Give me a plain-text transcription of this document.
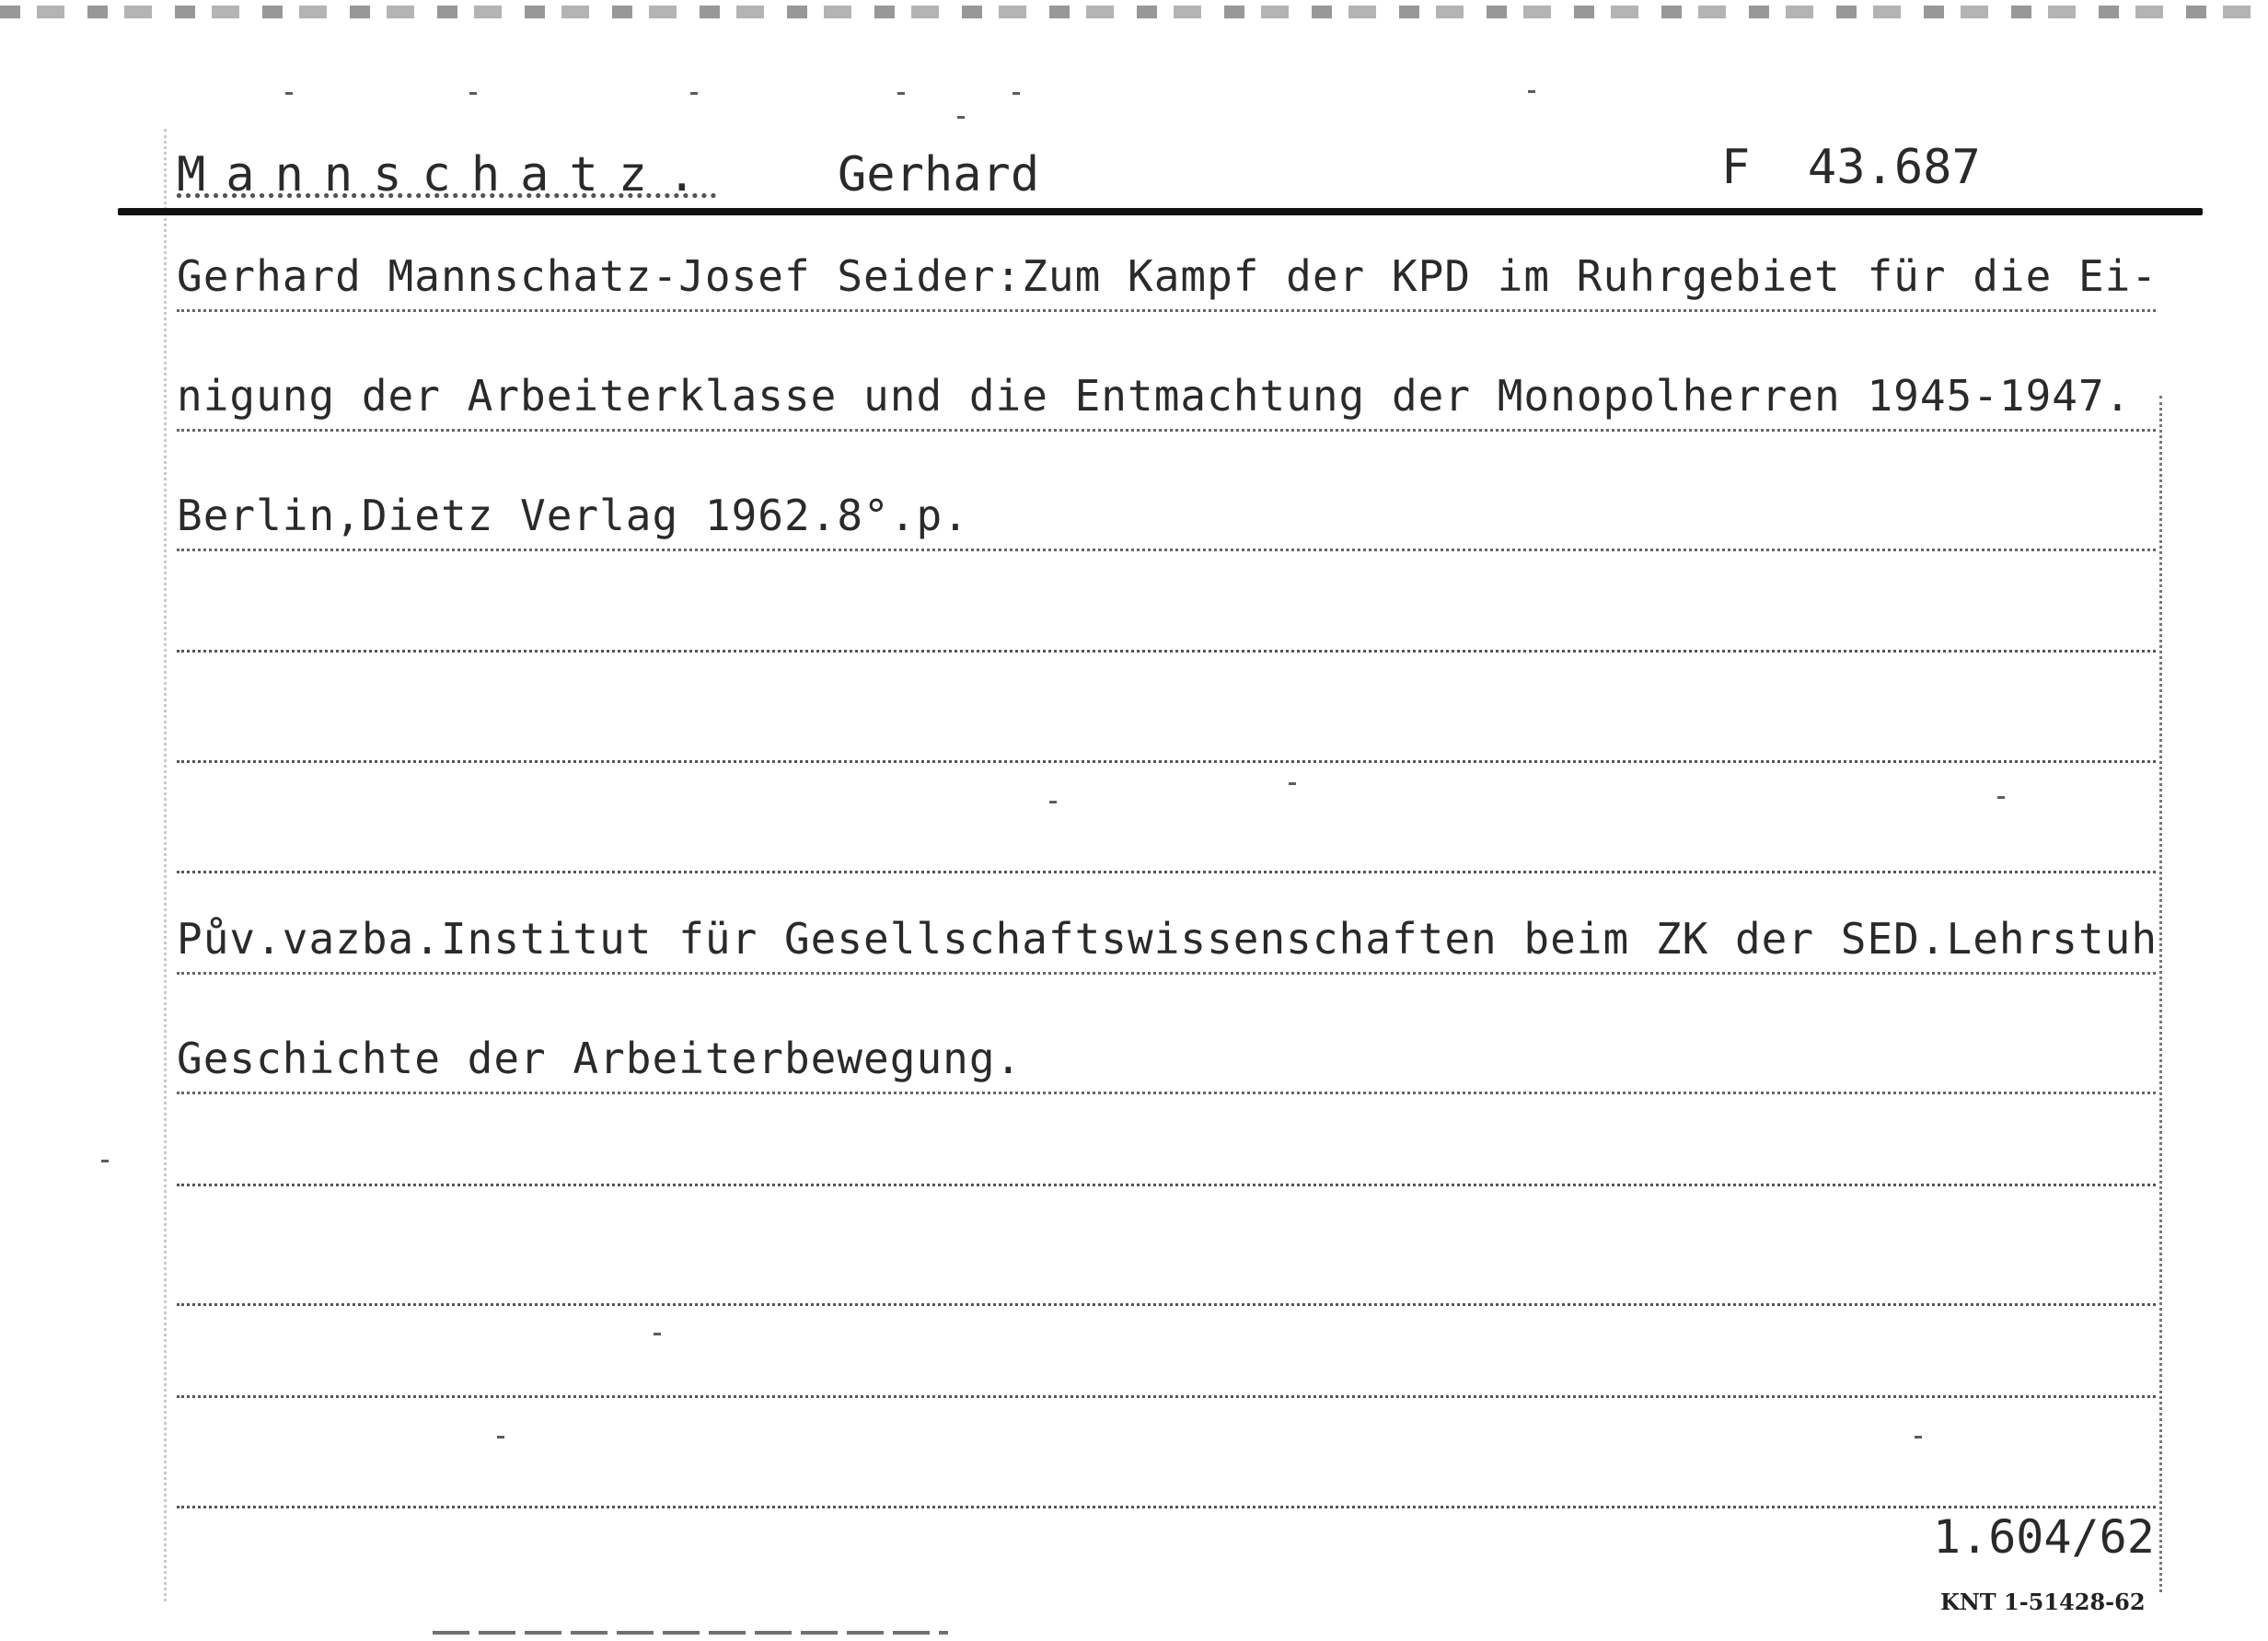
Mannschatz.	Gerhard	F  43.687
Gerhard Mannschatz-Josef Seider:Zum Kampf der KPD im Ruhrgebiet für die Ei-
nigung der Arbeiterklasse und die Entmachtung der Monopolherren 1945-1947.
Berlin,Dietz Verlag 1962.8°.p.
Pův.vazba.Institut für Gesellschaftswissenschaften beim ZK der SED.Lehrstuh
Geschichte der Arbeiterbewegung.
1.604/62
KNT 1-51428-62
